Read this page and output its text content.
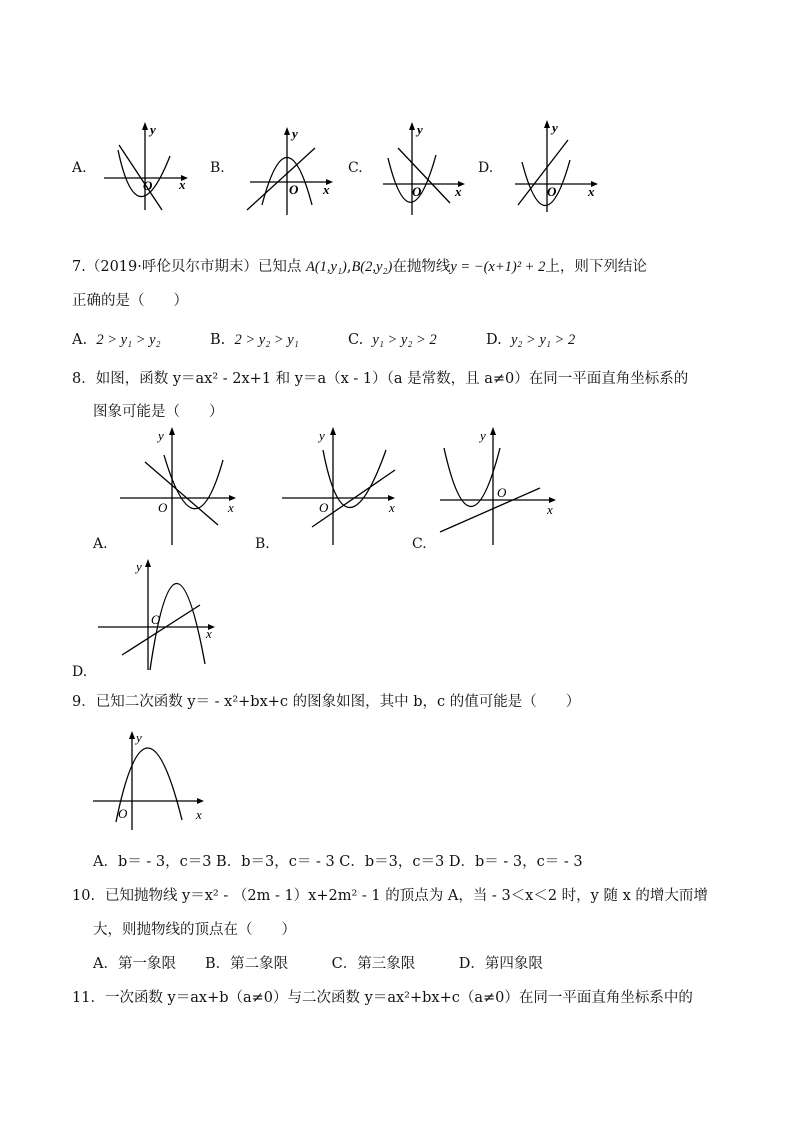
A.
x
y
O
B.
x
y
O
C.
x
y
O
D.
x
y
O
7.（2019·呼伦贝尔市期末）已知点 A(1,y₁),B(2,y₂)在抛物线y = −(x+1)² + 2上，则下列结论
正确的是（　　）
A. 2 > y₁ > y₂	B. 2 > y₂ > y₁	C. y₁ > y₂ > 2	D. y₂ > y₁ > 2
8．如图，函数 y＝ax² - 2x+1 和 y＝a（x - 1）（a 是常数，且 a≠0）在同一平面直角坐标系的
图象可能是（　　）
x
y
O
A.
x
y
O
B.
x
y
O
C.
x
y
O
D.
9．已知二次函数 y＝ - x²+bx+c 的图象如图，其中 b，c 的值可能是（　　）
x
y
O
A．b＝ - 3，c＝3 B．b＝3，c＝ - 3 C．b＝3，c＝3 D．b＝ - 3，c＝ - 3
10．已知抛物线 y＝x² - （2m - 1）x+2m² - 1 的顶点为 A，当 - 3＜x＜2 时，y 随 x 的增大而增
大，则抛物线的顶点在（　　）
A．第一象限　　B．第二象限　　　C．第三象限　　　D．第四象限
11．一次函数 y＝ax+b（a≠0）与二次函数 y＝ax²+bx+c（a≠0）在同一平面直角坐标系中的
